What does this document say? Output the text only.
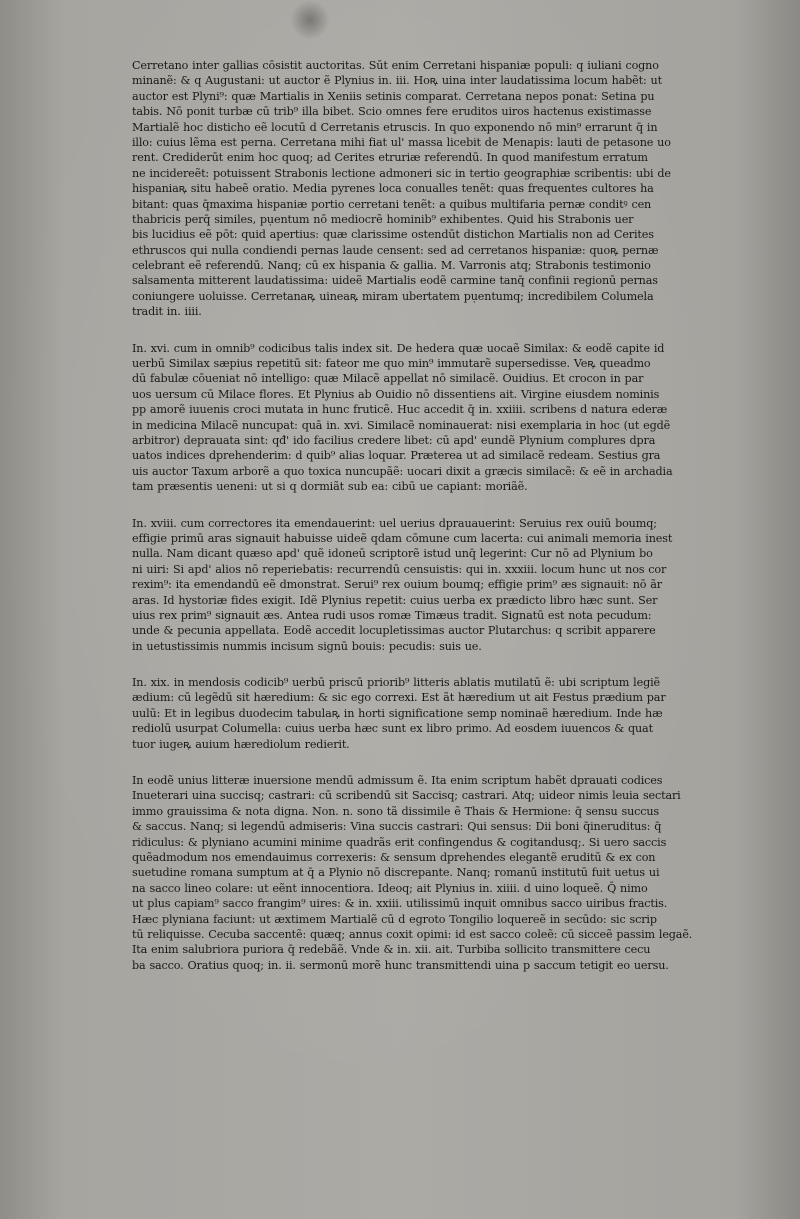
Cerretano inter gallias cōsistit auctoritas. Sūt enim Cerretani hispaniæ populi: q iuliani cogno
minanẽ: & q Augustani: ut auctor ẽ Plynius in. iii. Hoꝶ uina inter laudatissima locum habẽt: ut
auctor est Plyni⁹: quæ Martialis in Xeniis setinis comparat. Cerretana nepos ponat: Setina pu
tabis. Nō ponit turbæ cū trib⁹ illa bibet. Scio omnes fere eruditos uiros hactenus existimasse
Martialẽ hoc disticho eẽ locutū d Cerretanis etruscis. In quo exponendo nō min⁹ errarunt q̄ in
illo: cuius lẽma est perna. Cerretana mihi fiat ul' massa licebit de Menapis: lauti de petasone uo
rent. Crediderūt enim hoc quoq; ad Cerites etruriæ referendū. In quod manifestum erratum
ne incidereẽt: potuissent Strabonis lectione admoneri sic in tertio geographiæ scribentis: ubi de
hispaniaꝶ situ habeẽ oratio. Media pyrenes loca conualles tenẽt: quas frequentes cultores ha
bitant: quas q̄maxima hispaniæ portio cerretani tenẽt: a quibus multifaria pernæ conditꝰ cen
thabricis perq̄ similes, pụentum nō mediocrẽ hominib⁹ exhibentes. Quid his Strabonis uer
bis lucidius eẽ pōt: quid apertius: quæ clarissime ostendūt distichon Martialis non ad Cerites
ethruscos qui nulla condiendi pernas laude censent: sed ad cerretanos hispaniæ: quoꝶ pernæ
celebrant eẽ referendū. Nanq; cū ex hispania & gallia. M. Varronis atq; Strabonis testimonio
salsamenta mitterent laudatissima: uideẽ Martialis eodẽ carmine tanq̄ confinii regionū pernas
coniungere uoluisse. Cerretanaꝶ uineaꝶ miram ubertatem pụentumq; incredibilem Columela
tradit in. iiii.
In. xvi. cum in omnib⁹ codicibus talis index sit. De hedera quæ uocaẽ Similax: & eodẽ capite id
uerbū Similax sæpius repetitū sit: fateor me quo min⁹ immutarẽ supersedisse. Veꝶ queadmo
dū fabulæ cōueniat nō intelligo: quæ Milacẽ appellat nō similacẽ. Ouidius. Et crocon in par
uos uersum cū Milace flores. Et Plynius ab Ouidio nō dissentiens ait. Virgine eiusdem nominis
pp amorẽ iuuenis croci mutata in hunc fruticẽ. Huc accedit q̄ in. xxiiii. scribens d natura ederæ
in medicina Milacẽ nuncupat: quā in. xvi. Similacẽ nominauerat: nisi exemplaria in hoc (ut egdẽ
arbitror) deprauata sint: qđ' ido facilius credere libet: cū apd' eundẽ Plynium complures dpra
uatos indices dprehenderim: d quib⁹ alias loquar. Præterea ut ad similacẽ redeam. Sestius gra
uis auctor Taxum arborẽ a quo toxica nuncupãẽ: uocari dixit a græcis similacẽ: & eẽ in archadia
tam præsentis ueneni: ut si q dormiãt sub ea: cibū ue capiant: moriãẽ.
In. xviii. cum correctores ita emendauerint: uel uerius dprauauerint: Seruius rex ouiū boumq;
effigie primū aras signauit habuisse uideẽ qdam cōmune cum lacerta: cui animali memoria inest
nulla. Nam dicant quæso apd' quẽ idoneū scriptorẽ istud unq̄ legerint: Cur nō ad Plynium bo
ni uiri: Si apd' alios nō reperiebatis: recurrendū censuistis: qui in. xxxiii. locum hunc ut nos cor
rexim⁹: ita emendandū eẽ dmonstrat. Serui⁹ rex ouium boumq; effigie prim⁹ æs signauit: nō ãr
aras. Id hystoriæ fides exigit. Idẽ Plynius repetit: cuius uerba ex prædicto libro hæc sunt. Ser
uius rex prim⁹ signauit æs. Antea rudi usos romæ Timæus tradit. Signatū est nota pecudum:
unde & pecunia appellata. Eodẽ accedit locupletissimas auctor Plutarchus: q scribit apparere
in uetustissimis nummis incisum signū bouis: pecudis: suis ue.
In. xix. in mendosis codicib⁹ uerbū priscū priorib⁹ litteris ablatis mutilatū ẽ: ubi scriptum legiẽ
ædium: cū legẽdū sit hæredium: & sic ego correxi. Est ãt hæredium ut ait Festus prædium par
uulū: Et in legibus duodecim tabulaꝶ in horti significatione semp nominaẽ hæredium. Inde hæ
rediolū usurpat Columella: cuius uerba hæc sunt ex libro primo. Ad eosdem iuuencos & quat
tuor iugeꝶ auium hærediolum redierit.
In eodẽ unius litteræ inuersione mendū admissum ẽ. Ita enim scriptum habẽt dprauati codices
Inueterari uina succisq; castrari: cū scribendū sit Saccisq; castrari. Atq; uideor nimis leuia sectari
immo grauissima & nota digna. Non. n. sono tã dissimile ẽ Thais & Hermione: q̄ sensu succus
& saccus. Nanq; si legendū admiseris: Vina succis castrari: Qui sensus: Dii boni q̄ineruditus: q̄
ridiculus: & plyniano acumini minime quadrãs erit confingendus & cogitandusq;. Si uero saccis
quẽadmodum nos emendauimus correxeris: & sensum dprehendes elegantẽ eruditū & ex con
suetudine romana sumptum at q̄ a Plynio nō discrepante. Nanq; romanū institutū fuit uetus ui
na sacco lineo colare: ut eẽnt innocentiora. Ideoq; ait Plynius in. xiiii. d uino loqueẽ. Q̄ nimo
ut plus capiam⁹ sacco frangim⁹ uires: & in. xxiii. utilissimū inquit omnibus sacco uiribus fractis.
Hæc plyniana faciunt: ut æxtimem Martialẽ cū d egroto Tongilio loquereẽ in secūdo: sic scrip
tū reliquisse. Cecuba saccentẽ: quæq; annus coxit opimi: id est sacco coleẽ: cū sicceẽ passim legaẽ.
Ita enim salubriora puriora q̄ redebãẽ. Vnde & in. xii. ait. Turbiba sollicito transmittere cecu
ba sacco. Oratius quoq; in. ii. sermonū morẽ hunc transmittendi uina p saccum tetigit eo uersu.
